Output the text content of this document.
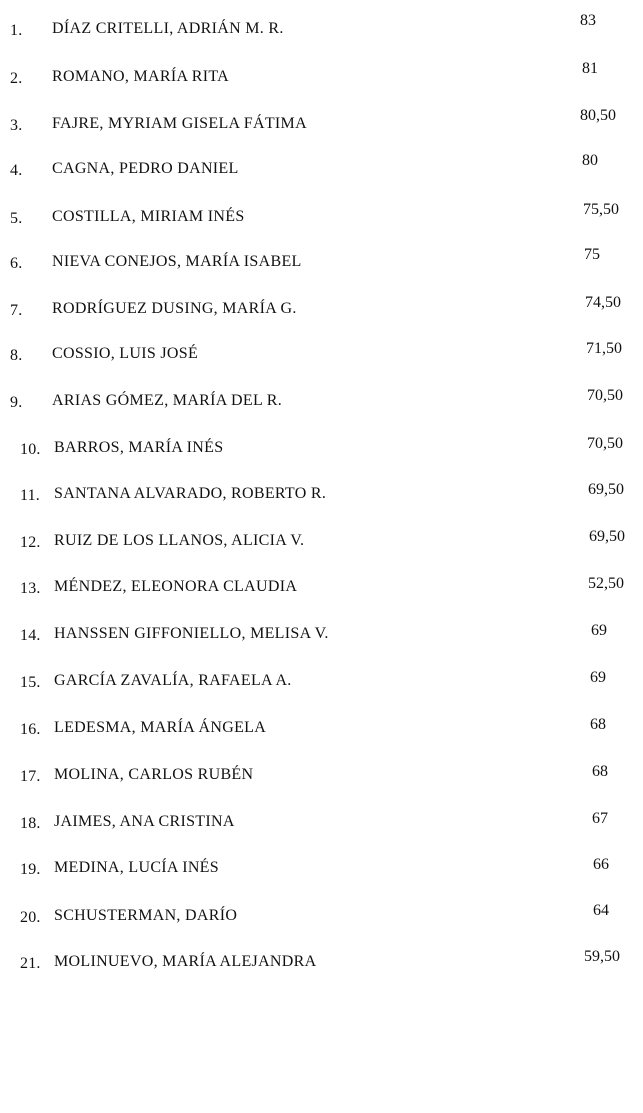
1. DÍAZ CRITELLI, ADRIÁN M. R.	83
2. ROMANO, MARÍA RITA	81
3. FAJRE, MYRIAM GISELA FÁTIMA	80,50
4. CAGNA, PEDRO DANIEL	80
5. COSTILLA, MIRIAM INÉS	75,50
6. NIEVA CONEJOS, MARÍA ISABEL	75
7. RODRÍGUEZ DUSING, MARÍA G.	74,50
8. COSSIO, LUIS JOSÉ	71,50
9. ARIAS GÓMEZ, MARÍA DEL R.	70,50
10. BARROS, MARÍA INÉS	70,50
11. SANTANA ALVARADO, ROBERTO R.	69,50
12. RUIZ DE LOS LLANOS, ALICIA V.	69,50
13. MÉNDEZ, ELEONORA CLAUDIA	52,50
14. HANSSEN GIFFONIELLO, MELISA V.	69
15. GARCÍA ZAVALÍA, RAFAELA A.	69
16. LEDESMA, MARÍA ÁNGELA	68
17. MOLINA, CARLOS RUBÉN	68
18. JAIMES, ANA CRISTINA	67
19. MEDINA, LUCÍA INÉS	66
20. SCHUSTERMAN, DARÍO	64
21. MOLINUEVO, MARÍA ALEJANDRA	59,50
